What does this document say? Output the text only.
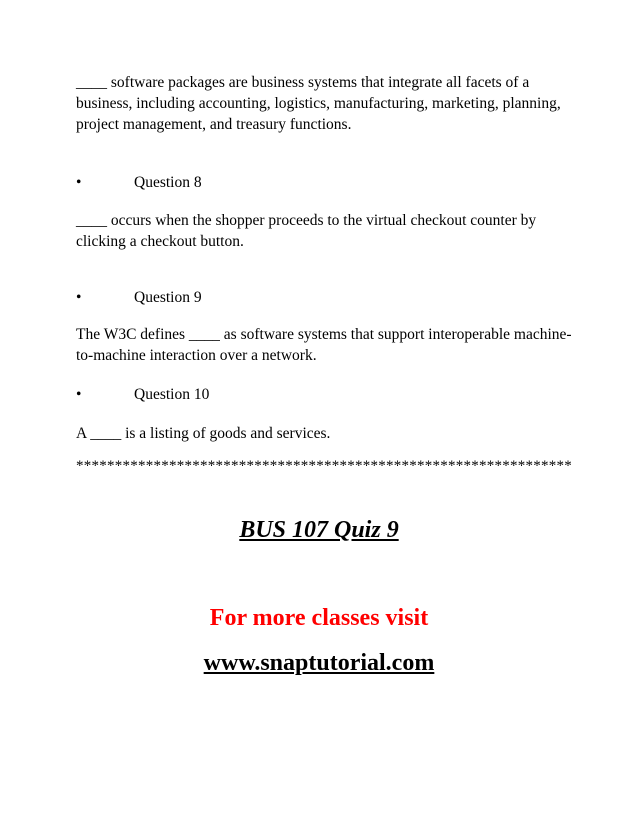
____ software packages are business systems that integrate all facets of a business, including accounting, logistics, manufacturing, marketing, planning, project management, and treasury functions.

•	Question 8

____ occurs when the shopper proceeds to the virtual checkout counter by clicking a checkout button.

•	Question 9

The W3C defines ____ as software systems that support interoperable machine-to-machine interaction over a network.

•	Question 10

A ____ is a listing of goods and services.

****************************************************************

BUS 107 Quiz 9

For more classes visit

www.snaptutorial.com
